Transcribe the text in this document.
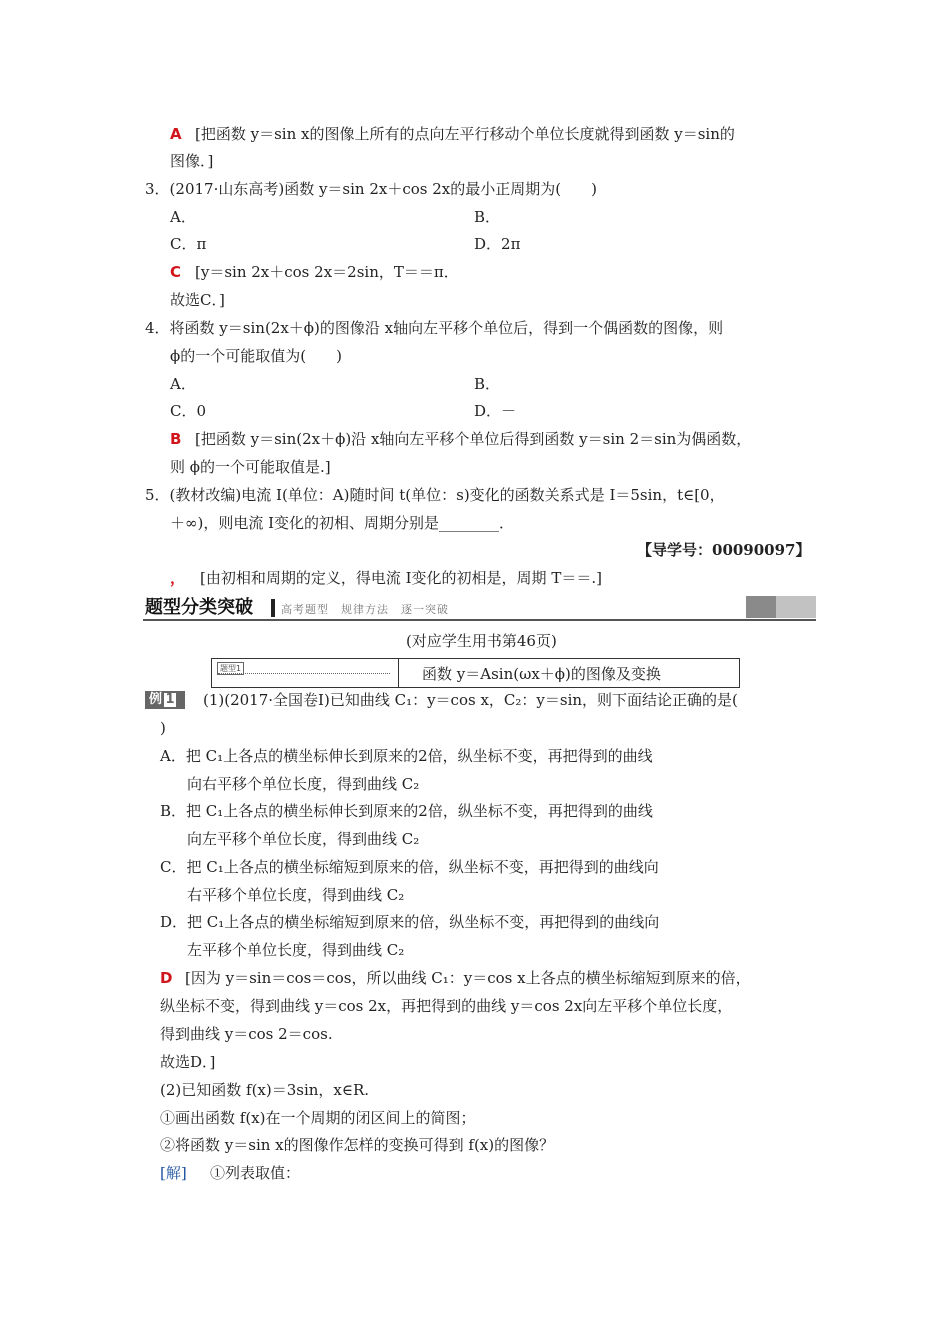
A [把函数 y＝sin x的图像上所有的点向左平行移动个单位长度就得到函数 y＝sin的
图像．]
3．(2017·山东高考)函数 y＝sin 2x＋cos 2x的最小正周期为(　　)
A．	B．
C．π	D．2π
C [y＝sin 2x＋cos 2x＝2sin，T＝＝π．
故选C．]
4．将函数 y＝sin(2x＋ϕ)的图像沿 x轴向左平移个单位后，得到一个偶函数的图像，则
ϕ的一个可能取值为(　　)
A．	B．
C．0	D．－
B [把函数 y＝sin(2x＋ϕ)沿 x轴向左平移个单位后得到函数 y＝sin 2＝sin为偶函数，
则 ϕ的一个可能取值是.]
5．(教材改编)电流 I(单位：A)随时间 t(单位：s)变化的函数关系式是 I＝5sin，t∈[0，
＋∞)，则电流 I变化的初相、周期分别是________．
【导学号：00090097】
， [由初相和周期的定义，得电流 I变化的初相是，周期 T＝＝.]
题型分类突破	高考题型　规律方法　逐一突破
(对应学生用书第46页)
题型1	函数 y＝Asin(ωx＋ϕ)的图像及变换
例 1	(1)(2017·全国卷Ⅰ)已知曲线 C₁：y＝cos x，C₂：y＝sin，则下面结论正确的是(
)
A．把 C₁上各点的横坐标伸长到原来的2倍，纵坐标不变，再把得到的曲线
向右平移个单位长度，得到曲线 C₂
B．把 C₁上各点的横坐标伸长到原来的2倍，纵坐标不变，再把得到的曲线
向左平移个单位长度，得到曲线 C₂
C．把 C₁上各点的横坐标缩短到原来的倍，纵坐标不变，再把得到的曲线向
右平移个单位长度，得到曲线 C₂
D．把 C₁上各点的横坐标缩短到原来的倍，纵坐标不变，再把得到的曲线向
左平移个单位长度，得到曲线 C₂
D [因为 y＝sin＝cos＝cos，所以曲线 C₁：y＝cos x上各点的横坐标缩短到原来的倍，
纵坐标不变，得到曲线 y＝cos 2x，再把得到的曲线 y＝cos 2x向左平移个单位长度，
得到曲线 y＝cos 2＝cos.
故选D．]
(2)已知函数 f(x)＝3sin，x∈R.
①画出函数 f(x)在一个周期的闭区间上的简图；
②将函数 y＝sin x的图像作怎样的变换可得到 f(x)的图像？
[解] ①列表取值：
